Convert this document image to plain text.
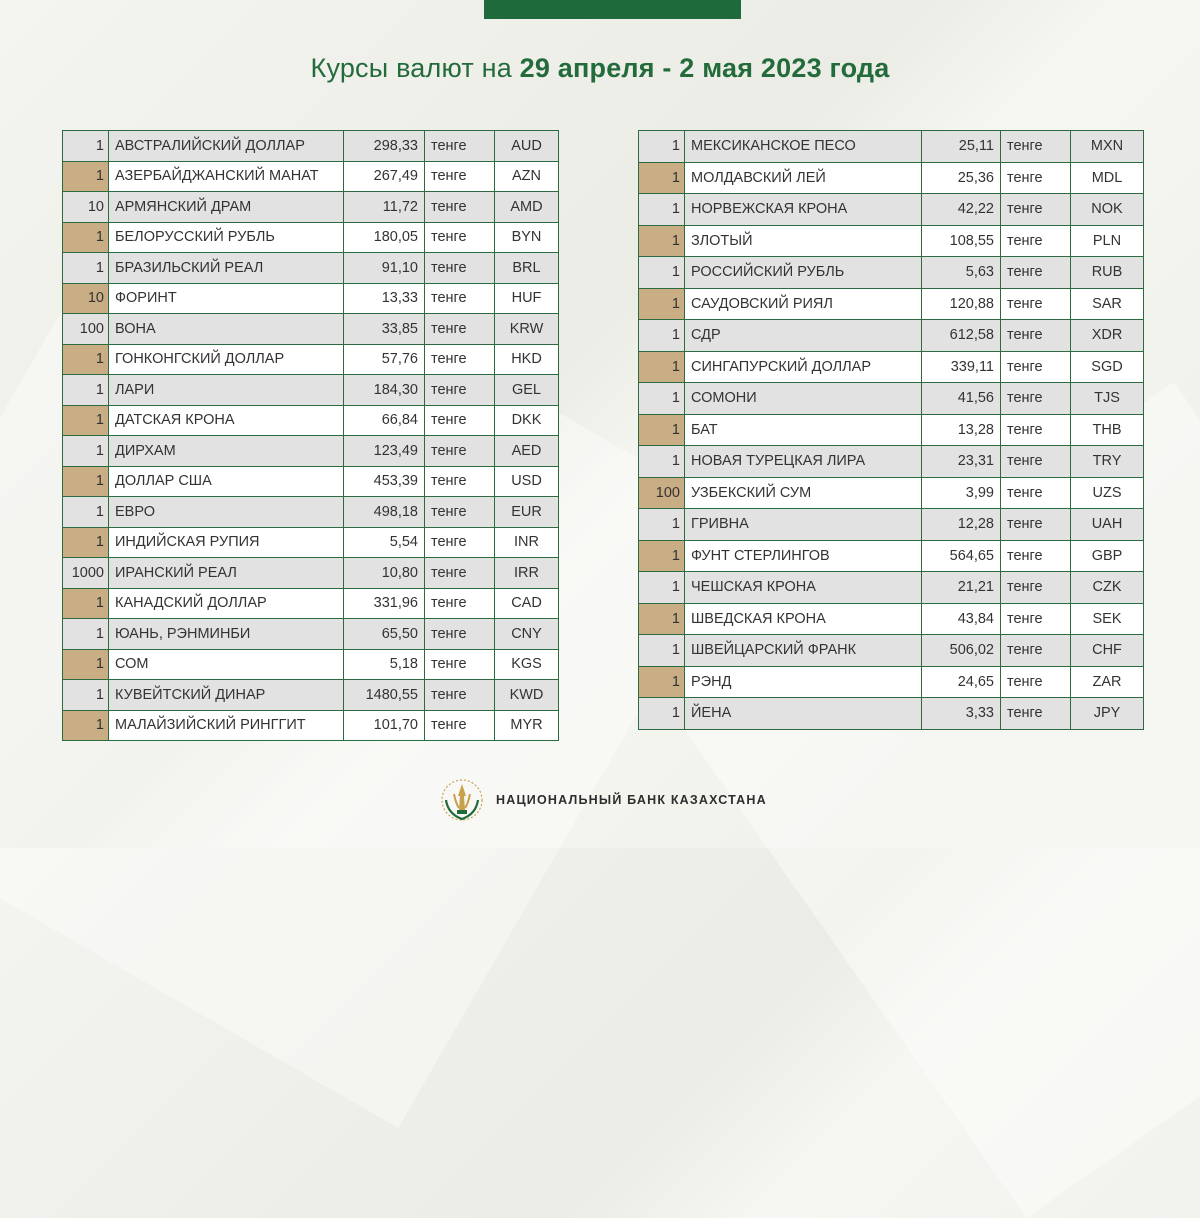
Курсы валют на 29 апреля - 2 мая 2023 года
1	АВСТРАЛИЙСКИЙ ДОЛЛАР	298,33	тенге	AUD
1	АЗЕРБАЙДЖАНСКИЙ МАНАТ	267,49	тенге	AZN
10	АРМЯНСКИЙ ДРАМ	11,72	тенге	AMD
1	БЕЛОРУССКИЙ РУБЛЬ	180,05	тенге	BYN
1	БРАЗИЛЬСКИЙ РЕАЛ	91,10	тенге	BRL
10	ФОРИНТ	13,33	тенге	HUF
100	ВОНА	33,85	тенге	KRW
1	ГОНКОНГСКИЙ ДОЛЛАР	57,76	тенге	HKD
1	ЛАРИ	184,30	тенге	GEL
1	ДАТСКАЯ КРОНА	66,84	тенге	DKK
1	ДИРХАМ	123,49	тенге	AED
1	ДОЛЛАР США	453,39	тенге	USD
1	ЕВРО	498,18	тенге	EUR
1	ИНДИЙСКАЯ РУПИЯ	5,54	тенге	INR
1000	ИРАНСКИЙ РЕАЛ	10,80	тенге	IRR
1	КАНАДСКИЙ ДОЛЛАР	331,96	тенге	CAD
1	ЮАНЬ, РЭНМИНБИ	65,50	тенге	CNY
1	СОМ	5,18	тенге	KGS
1	КУВЕЙТСКИЙ ДИНАР	1480,55	тенге	KWD
1	МАЛАЙЗИЙСКИЙ РИНГГИТ	101,70	тенге	MYR
1	МЕКСИКАНСКОЕ ПЕСО	25,11	тенге	MXN
1	МОЛДАВСКИЙ ЛЕЙ	25,36	тенге	MDL
1	НОРВЕЖСКАЯ КРОНА	42,22	тенге	NOK
1	ЗЛОТЫЙ	108,55	тенге	PLN
1	РОССИЙСКИЙ РУБЛЬ	5,63	тенге	RUB
1	САУДОВСКИЙ РИЯЛ	120,88	тенге	SAR
1	СДР	612,58	тенге	XDR
1	СИНГАПУРСКИЙ ДОЛЛАР	339,11	тенге	SGD
1	СОМОНИ	41,56	тенге	TJS
1	БАТ	13,28	тенге	THB
1	НОВАЯ ТУРЕЦКАЯ ЛИРА	23,31	тенге	TRY
100	УЗБЕКСКИЙ СУМ	3,99	тенге	UZS
1	ГРИВНА	12,28	тенге	UAH
1	ФУНТ СТЕРЛИНГОВ	564,65	тенге	GBP
1	ЧЕШСКАЯ КРОНА	21,21	тенге	CZK
1	ШВЕДСКАЯ КРОНА	43,84	тенге	SEK
1	ШВЕЙЦАРСКИЙ ФРАНК	506,02	тенге	CHF
1	РЭНД	24,65	тенге	ZAR
1	ЙЕНА	3,33	тенге	JPY
НАЦИОНАЛЬНЫЙ БАНК КАЗАХСТАНА
